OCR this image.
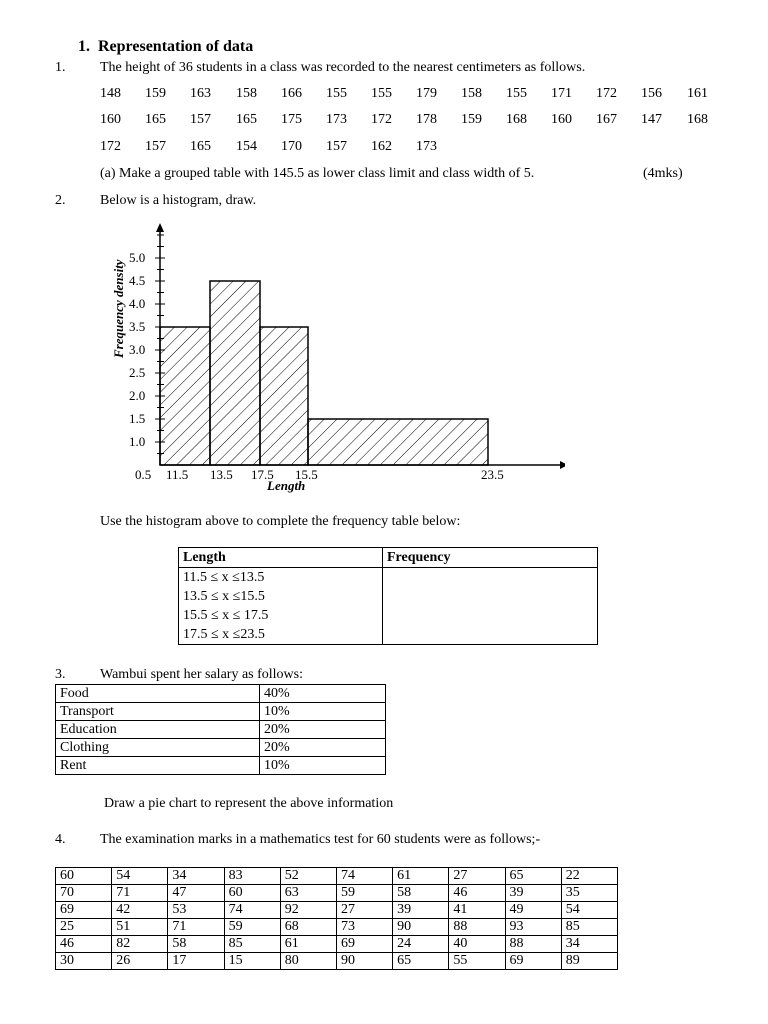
1. Representation of data
1. The height of 36 students in a class was recorded to the nearest centimeters as follows.
148 159 163 158 166 155 155 179 158 155 171 172 156 161
160 165 157 165 175 173 172 178 159 168 160 167 147 168
172 157 165 154 170 157 162 173
(a) Make a grouped table with 145.5 as lower class limit and class width of 5.	(4mks)
2. Below is a histogram, draw.
0.5
1.0
1.5
2.0
2.5
3.0
3.5
4.0
4.5
5.0
11.5 13.5 17.5 15.5	23.5
Frequency density
Length
Use the histogram above to complete the frequency table below:
Length	Frequency
11.5 ≤ x ≤13.5	
13.5 ≤ x ≤15.5	
15.5 ≤ x ≤ 17.5	
17.5 ≤ x ≤23.5	
3. Wambui spent her salary as follows:
Food	40%
Transport	10%
Education	20%
Clothing	20%
Rent	10%
Draw a pie chart to represent the above information
4. The examination marks in a mathematics test for 60 students were as follows;-
60	54	34	83	52	74	61	27	65	22
70	71	47	60	63	59	58	46	39	35
69	42	53	74	92	27	39	41	49	54
25	51	71	59	68	73	90	88	93	85
46	82	58	85	61	69	24	40	88	34
30	26	17	15	80	90	65	55	69	89
